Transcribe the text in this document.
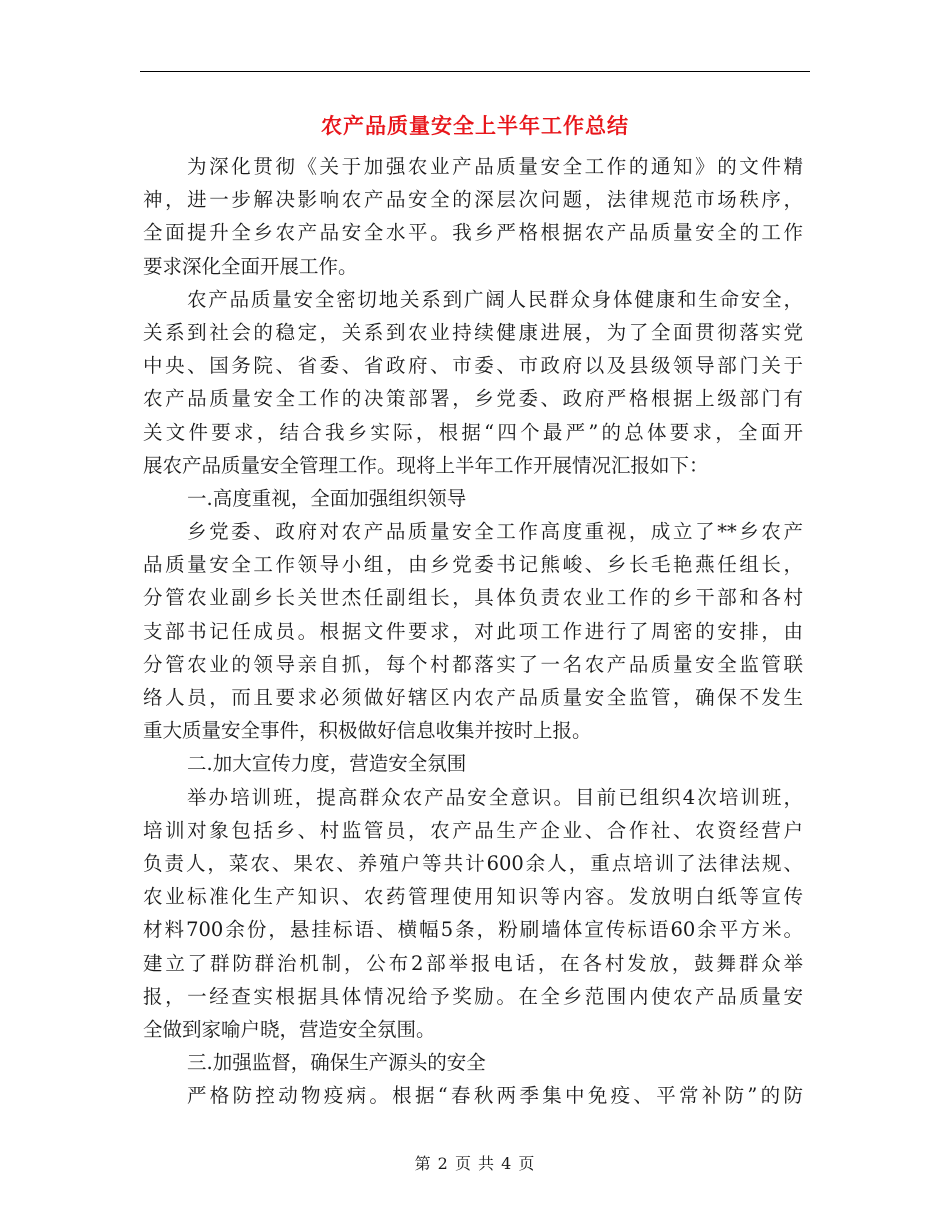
农产品质量安全上半年工作总结
为深化贯彻《关于加强农业产品质量安全工作的通知》的文件精
神，进一步解决影响农产品安全的深层次问题，法律规范市场秩序，
全面提升全乡农产品安全水平。我乡严格根据农产品质量安全的工作
要求深化全面开展工作。
农产品质量安全密切地关系到广阔人民群众身体健康和生命安全，
关系到社会的稳定，关系到农业持续健康进展，为了全面贯彻落实党
中央、国务院、省委、省政府、市委、市政府以及县级领导部门关于
农产品质量安全工作的决策部署，乡党委、政府严格根据上级部门有
关文件要求，结合我乡实际，根据“四个最严”的总体要求，全面开
展农产品质量安全管理工作。现将上半年工作开展情况汇报如下：
一.高度重视，全面加强组织领导
乡党委、政府对农产品质量安全工作高度重视，成立了**乡农产
品质量安全工作领导小组，由乡党委书记熊峻、乡长毛艳燕任组长，
分管农业副乡长关世杰任副组长，具体负责农业工作的乡干部和各村
支部书记任成员。根据文件要求，对此项工作进行了周密的安排，由
分管农业的领导亲自抓，每个村都落实了一名农产品质量安全监管联
络人员，而且要求必须做好辖区内农产品质量安全监管，确保不发生
重大质量安全事件，积极做好信息收集并按时上报。
二.加大宣传力度，营造安全氛围
举办培训班，提高群众农产品安全意识。目前已组织4次培训班，
培训对象包括乡、村监管员，农产品生产企业、合作社、农资经营户
负责人，菜农、果农、养殖户等共计600余人，重点培训了法律法规、
农业标准化生产知识、农药管理使用知识等内容。发放明白纸等宣传
材料700余份，悬挂标语、横幅5条，粉刷墙体宣传标语60余平方米。
建立了群防群治机制，公布2部举报电话，在各村发放，鼓舞群众举
报，一经查实根据具体情况给予奖励。在全乡范围内使农产品质量安
全做到家喻户晓，营造安全氛围。
三.加强监督，确保生产源头的安全
严格防控动物疫病。根据“春秋两季集中免疫、平常补防”的防
第 2 页 共 4 页
